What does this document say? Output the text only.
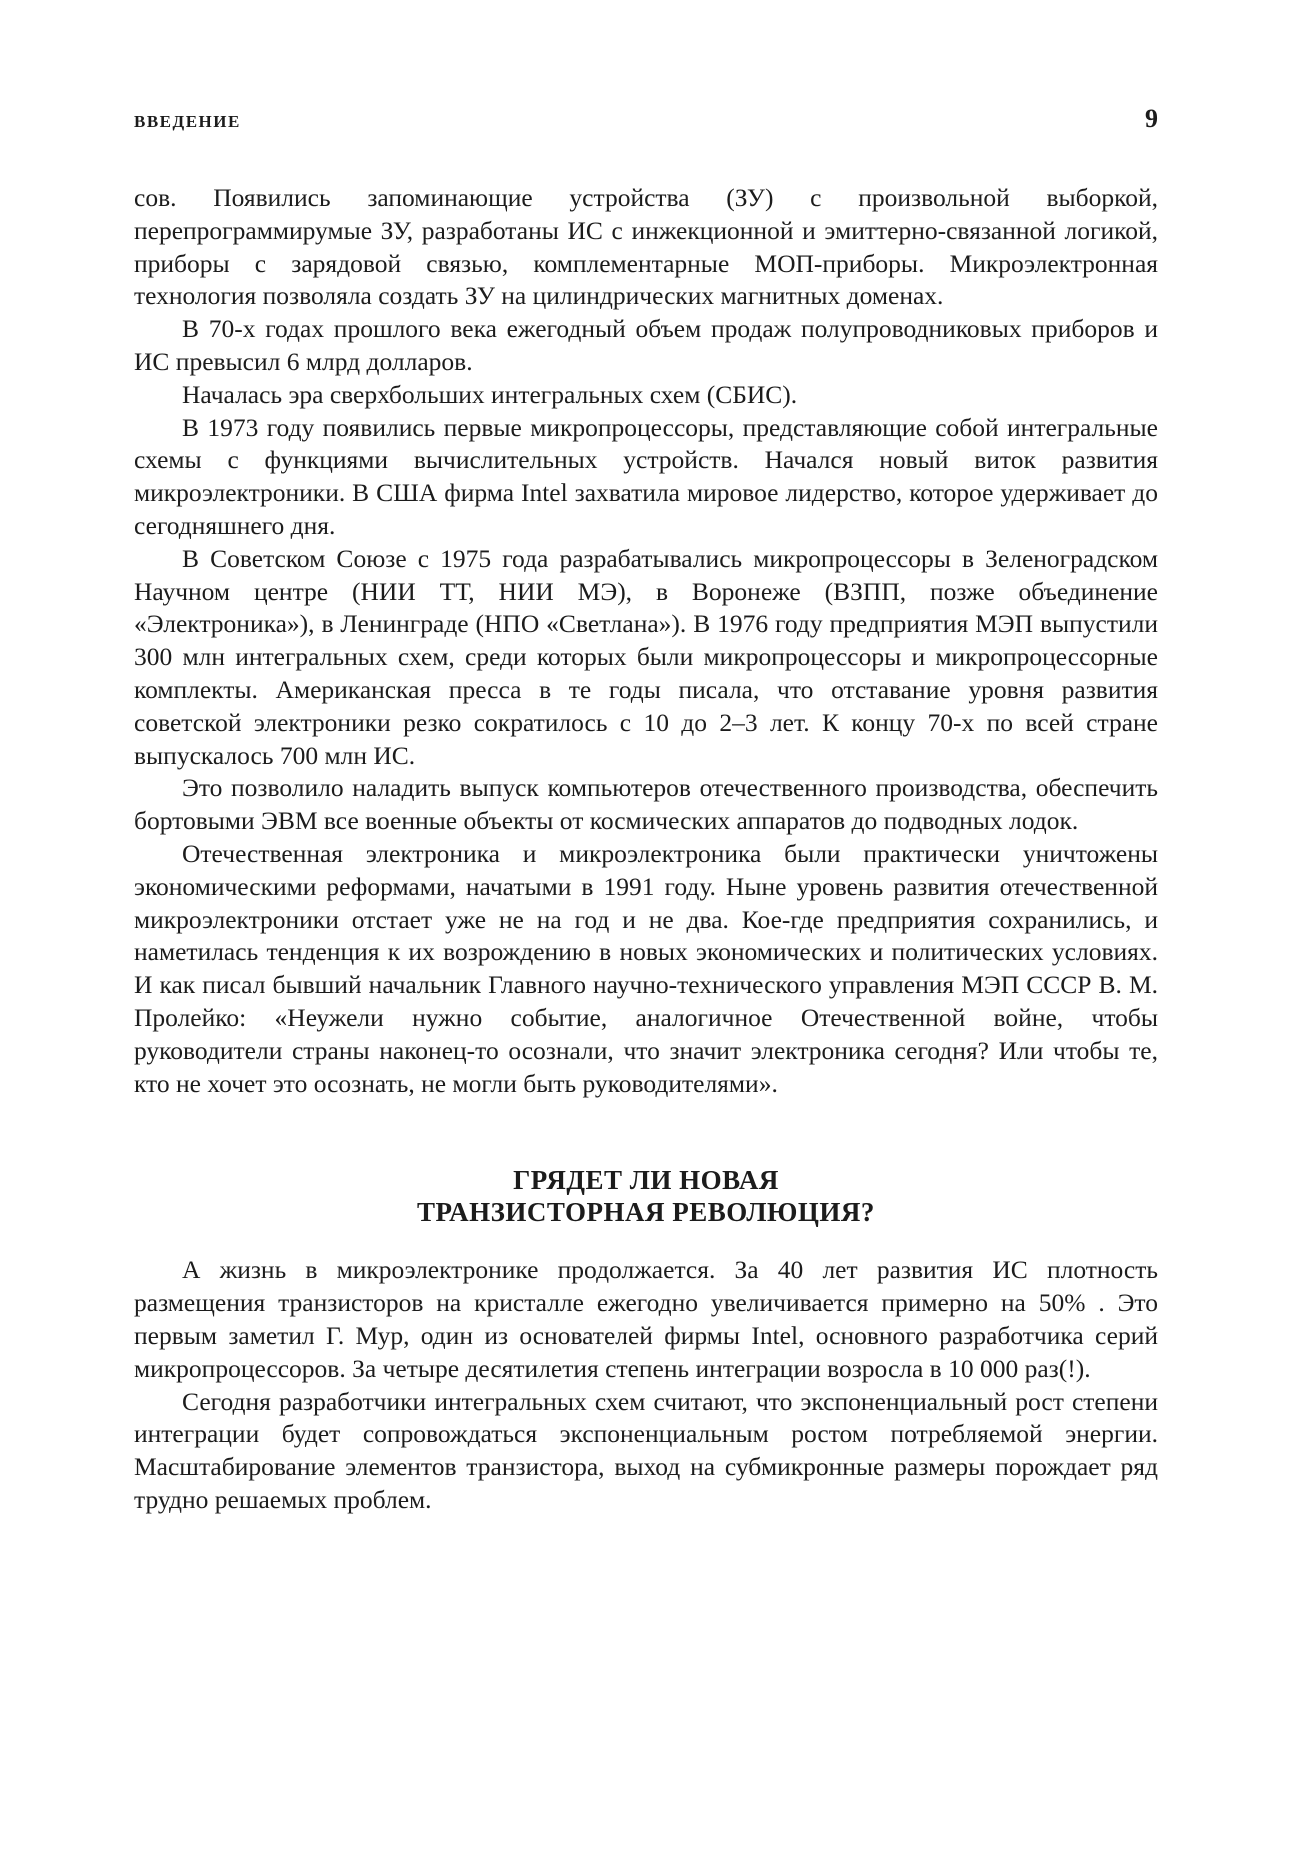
ВВЕДЕНИЕ	9

сов. Появились запоминающие устройства (ЗУ) с произвольной выборкой, перепрограммирумые ЗУ, разработаны ИС с инжекционной и эмиттерно-связанной логикой, приборы с зарядовой связью, комплементарные МОП-приборы. Микроэлектронная технология позволяла создать ЗУ на цилиндрических магнитных доменах.

В 70-х годах прошлого века ежегодный объем продаж полупроводниковых приборов и ИС превысил 6 млрд долларов.

Началась эра сверхбольших интегральных схем (СБИС).

В 1973 году появились первые микропроцессоры, представляющие собой интегральные схемы с функциями вычислительных устройств. Начался новый виток развития микроэлектроники. В США фирма Intel захватила мировое лидерство, которое удерживает до сегодняшнего дня.

В Советском Союзе с 1975 года разрабатывались микропроцессоры в Зеленоградском Научном центре (НИИ ТТ, НИИ МЭ), в Воронеже (ВЗПП, позже объединение «Электроника»), в Ленинграде (НПО «Светлана»). В 1976 году предприятия МЭП выпустили 300 млн интегральных схем, среди которых были микропроцессоры и микропроцессорные комплекты. Американская пресса в те годы писала, что отставание уровня развития советской электроники резко сократилось с 10 до 2–3 лет. К концу 70-х по всей стране выпускалось 700 млн ИС.

Это позволило наладить выпуск компьютеров отечественного производства, обеспечить бортовыми ЭВМ все военные объекты от космических аппаратов до подводных лодок.

Отечественная электроника и микроэлектроника были практически уничтожены экономическими реформами, начатыми в 1991 году. Ныне уровень развития отечественной микроэлектроники отстает уже не на год и не два. Кое-где предприятия сохранились, и наметилась тенденция к их возрождению в новых экономических и политических условиях. И как писал бывший начальник Главного научно-технического управления МЭП СССР В. М. Пролейко: «Неужели нужно событие, аналогичное Отечественной войне, чтобы руководители страны наконец-то осознали, что значит электроника сегодня? Или чтобы те, кто не хочет это осознать, не могли быть руководителями».

ГРЯДЕТ ЛИ НОВАЯ
ТРАНЗИСТОРНАЯ РЕВОЛЮЦИЯ?

А жизнь в микроэлектронике продолжается. За 40 лет развития ИС плотность размещения транзисторов на кристалле ежегодно увеличивается примерно на 50% . Это первым заметил Г. Мур, один из основателей фирмы Intel, основного разработчика серий микропроцессоров. За четыре десятилетия степень интеграции возросла в 10 000 раз(!).

Сегодня разработчики интегральных схем считают, что экспоненциальный рост степени интеграции будет сопровождаться экспоненциальным ростом потребляемой энергии. Масштабирование элементов транзистора, выход на субмикронные размеры порождает ряд трудно решаемых проблем.
